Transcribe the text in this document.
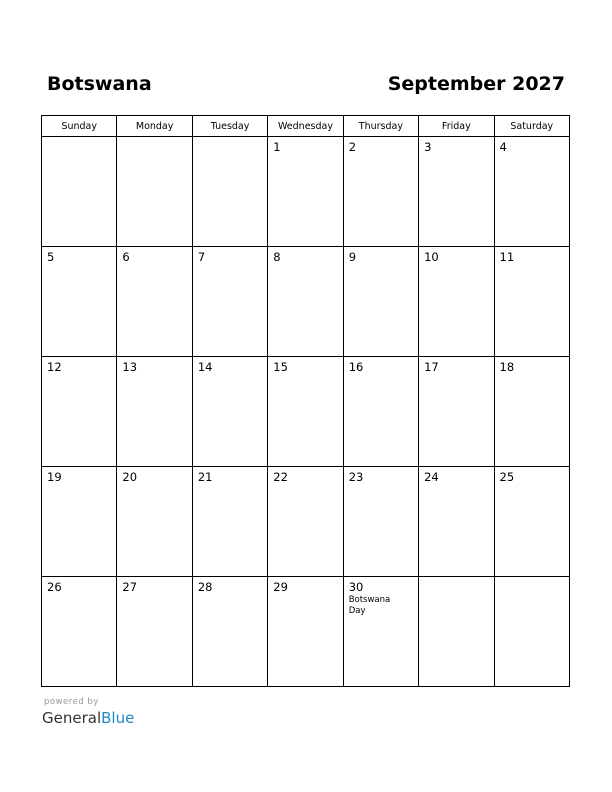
Botswana	September 2027
Sunday	Monday	Tuesday	Wednesday	Thursday	Friday	Saturday

			1	2	3	4

5	6	7	8	9	10	11

12	13	14	15	16	17	18

19	20	21	22	23	24	25

26	27	28	29	30
Botswana Day		

powered by
GeneralBlue
